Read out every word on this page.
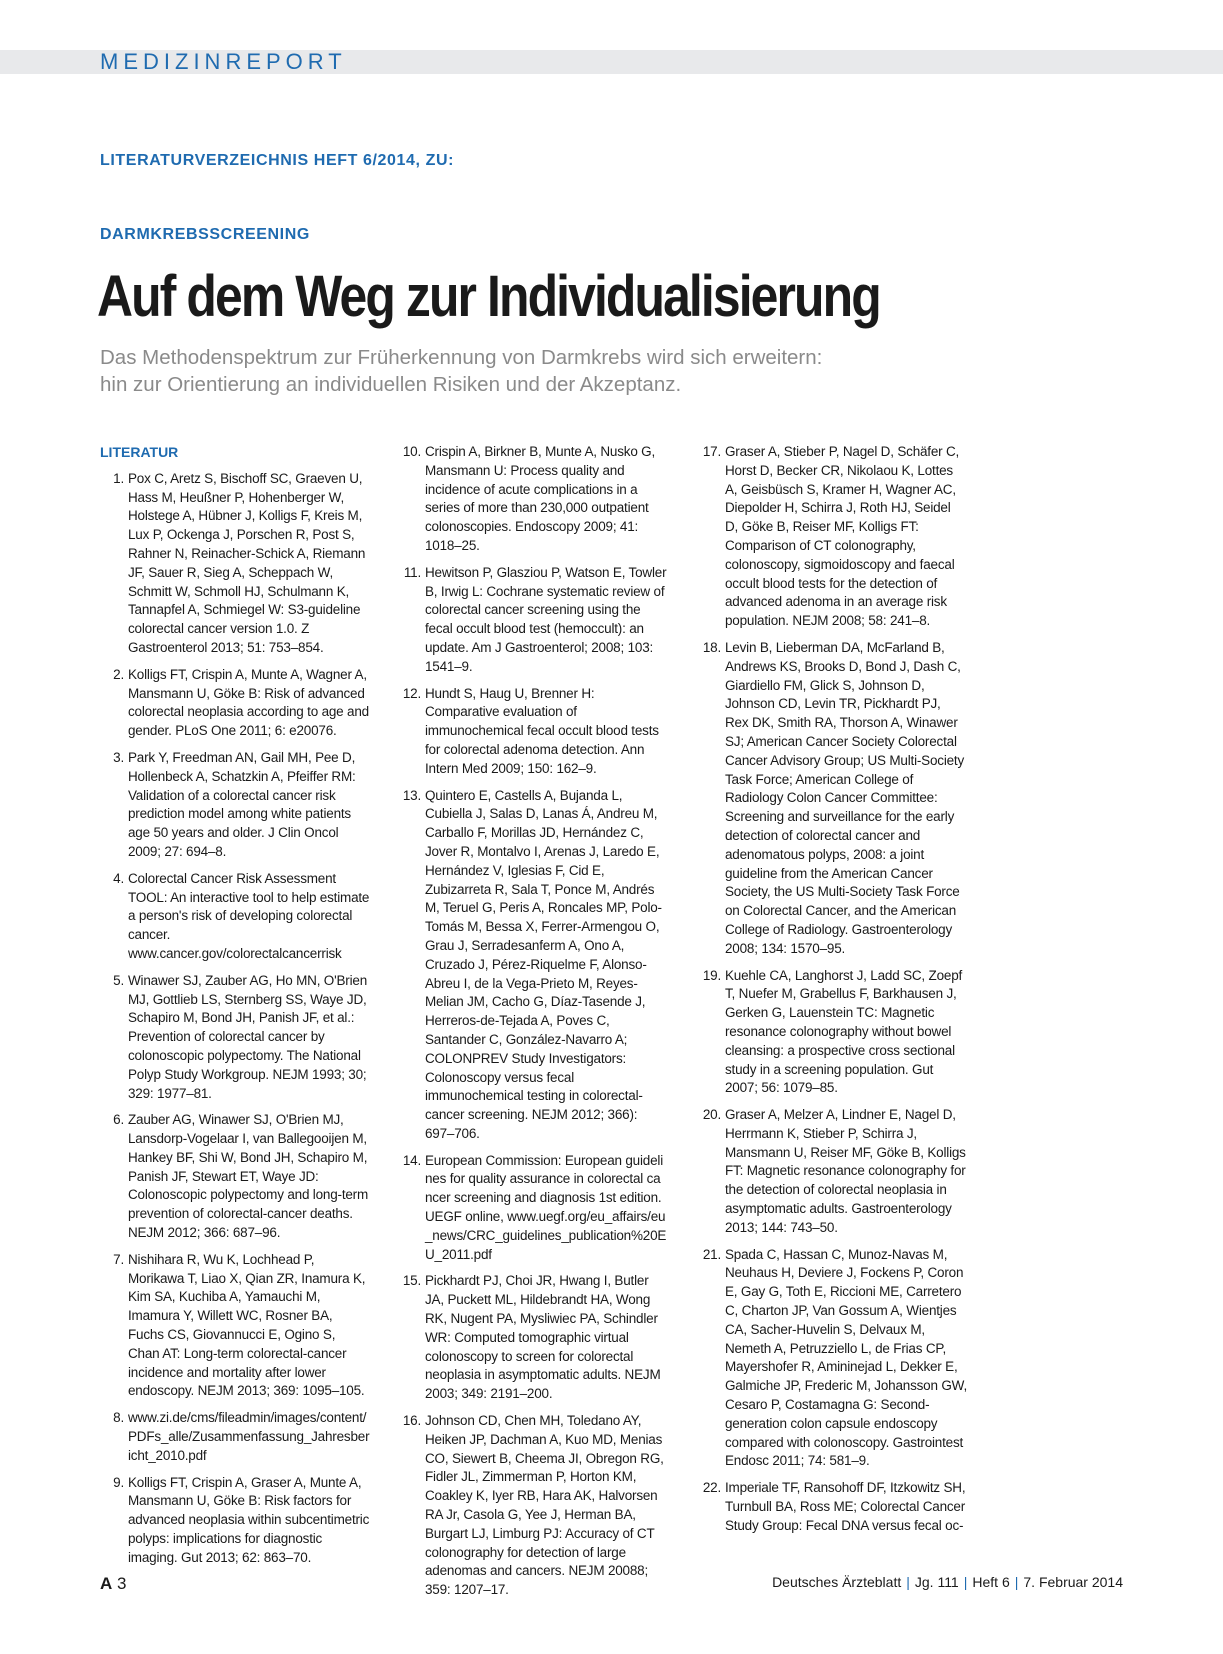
MEDIZINREPORT
LITERATURVERZEICHNIS HEFT 6/2014, ZU:
DARMKREBSSCREENING
Auf dem Weg zur Individualisierung
Das Methodenspektrum zur Früherkennung von Darmkrebs wird sich erweitern:
hin zur Orientierung an individuellen Risiken und der Akzeptanz.
LITERATUR
1. Pox C, Aretz S, Bischoff SC, Graeven U, Hass M, Heußner P, Hohenberger W, Holstege A, Hübner J, Kolligs F, Kreis M, Lux P, Ockenga J, Porschen R, Post S, Rahner N, Reinacher-Schick A, Riemann JF, Sauer R, Sieg A, Scheppach W, Schmitt W, Schmoll HJ, Schulmann K, Tannapfel A, Schmiegel W: S3-guideline colorectal cancer version 1.0. Z Gastroenterol 2013; 51: 753–854.
2. Kolligs FT, Crispin A, Munte A, Wagner A, Mansmann U, Göke B: Risk of advanced colorectal neoplasia according to age and gender. PLoS One 2011; 6: e20076.
3. Park Y, Freedman AN, Gail MH, Pee D, Hollenbeck A, Schatzkin A, Pfeiffer RM: Validation of a colorectal cancer risk prediction model among white patients age 50 years and older. J Clin Oncol 2009; 27: 694–8.
4. Colorectal Cancer Risk Assessment TOOL: An interactive tool to help estimate a person's risk of developing colorectal cancer. www.cancer.gov/colorectalcancerrisk
5. Winawer SJ, Zauber AG, Ho MN, O'Brien MJ, Gottlieb LS, Sternberg SS, Waye JD, Schapiro M, Bond JH, Panish JF, et al.: Prevention of colorectal cancer by colonoscopic polypectomy. The National Polyp Study Workgroup. NEJM 1993; 30; 329: 1977–81.
6. Zauber AG, Winawer SJ, O'Brien MJ, Lansdorp-Vogelaar I, van Ballegooijen M, Hankey BF, Shi W, Bond JH, Schapiro M, Panish JF, Stewart ET, Waye JD: Colonoscopic polypectomy and long-term prevention of colorectal-cancer deaths. NEJM 2012; 366: 687–96.
7. Nishihara R, Wu K, Lochhead P, Morikawa T, Liao X, Qian ZR, Inamura K, Kim SA, Kuchiba A, Yamauchi M, Imamura Y, Willett WC, Rosner BA, Fuchs CS, Giovannucci E, Ogino S, Chan AT: Long-term colorectal-cancer incidence and mortality after lower endoscopy. NEJM 2013; 369: 1095–105.
8. www.zi.de/cms/fileadmin/images/content/PDFs_alle/Zusammenfassung_Jahresbericht_2010.pdf
9. Kolligs FT, Crispin A, Graser A, Munte A, Mansmann U, Göke B: Risk factors for advanced neoplasia within subcentimetric polyps: implications for diagnostic imaging. Gut 2013; 62: 863–70.
10. Crispin A, Birkner B, Munte A, Nusko G, Mansmann U: Process quality and incidence of acute complications in a series of more than 230,000 outpatient colonoscopies. Endoscopy 2009; 41: 1018–25.
11. Hewitson P, Glasziou P, Watson E, Towler B, Irwig L: Cochrane systematic review of colorectal cancer screening using the fecal occult blood test (hemoccult): an update. Am J Gastroenterol; 2008; 103: 1541–9.
12. Hundt S, Haug U, Brenner H: Comparative evaluation of immunochemical fecal occult blood tests for colorectal adenoma detection. Ann Intern Med 2009; 150: 162–9.
13. Quintero E, Castells A, Bujanda L, Cubiella J, Salas D, Lanas Á, Andreu M, Carballo F, Morillas JD, Hernández C, Jover R, Montalvo I, Arenas J, Laredo E, Hernández V, Iglesias F, Cid E, Zubizarreta R, Sala T, Ponce M, Andrés M, Teruel G, Peris A, Roncales MP, Polo-Tomás M, Bessa X, Ferrer-Armengou O, Grau J, Serradesanferm A, Ono A, Cruzado J, Pérez-Riquelme F, Alonso-Abreu I, de la Vega-Prieto M, Reyes-Melian JM, Cacho G, Díaz-Tasende J, Herreros-de-Tejada A, Poves C, Santander C, González-Navarro A; COLONPREV Study Investigators: Colonoscopy versus fecal immunochemical testing in colorectal-cancer screening. NEJM 2012; 366): 697–706.
14. European Commission: European guidelines for quality assurance in colorectal cancer screening and diagnosis 1st edition. UEGF online, www.uegf.org/eu_affairs/eu_news/CRC_guidelines_publication%20EU_2011.pdf
15. Pickhardt PJ, Choi JR, Hwang I, Butler JA, Puckett ML, Hildebrandt HA, Wong RK, Nugent PA, Mysliwiec PA, Schindler WR: Computed tomographic virtual colonoscopy to screen for colorectal neoplasia in asymptomatic adults. NEJM 2003; 349: 2191–200.
16. Johnson CD, Chen MH, Toledano AY, Heiken JP, Dachman A, Kuo MD, Menias CO, Siewert B, Cheema JI, Obregon RG, Fidler JL, Zimmerman P, Horton KM, Coakley K, Iyer RB, Hara AK, Halvorsen RA Jr, Casola G, Yee J, Herman BA, Burgart LJ, Limburg PJ: Accuracy of CT colonography for detection of large adenomas and cancers. NEJM 20088; 359: 1207–17.
17. Graser A, Stieber P, Nagel D, Schäfer C, Horst D, Becker CR, Nikolaou K, Lottes A, Geisbüsch S, Kramer H, Wagner AC, Diepolder H, Schirra J, Roth HJ, Seidel D, Göke B, Reiser MF, Kolligs FT: Comparison of CT colonography, colonoscopy, sigmoidoscopy and faecal occult blood tests for the detection of advanced adenoma in an average risk population. NEJM 2008; 58: 241–8.
18. Levin B, Lieberman DA, McFarland B, Andrews KS, Brooks D, Bond J, Dash C, Giardiello FM, Glick S, Johnson D, Johnson CD, Levin TR, Pickhardt PJ, Rex DK, Smith RA, Thorson A, Winawer SJ; American Cancer Society Colorectal Cancer Advisory Group; US Multi-Society Task Force; American College of Radiology Colon Cancer Committee: Screening and surveillance for the early detection of colorectal cancer and adenomatous polyps, 2008: a joint guideline from the American Cancer Society, the US Multi-Society Task Force on Colorectal Cancer, and the American College of Radiology. Gastroenterology 2008; 134: 1570–95.
19. Kuehle CA, Langhorst J, Ladd SC, Zoepf T, Nuefer M, Grabellus F, Barkhausen J, Gerken G, Lauenstein TC: Magnetic resonance colonography without bowel cleansing: a prospective cross sectional study in a screening population. Gut 2007; 56: 1079–85.
20. Graser A, Melzer A, Lindner E, Nagel D, Herrmann K, Stieber P, Schirra J, Mansmann U, Reiser MF, Göke B, Kolligs FT: Magnetic resonance colonography for the detection of colorectal neoplasia in asymptomatic adults. Gastroenterology 2013; 144: 743–50.
21. Spada C, Hassan C, Munoz-Navas M, Neuhaus H, Deviere J, Fockens P, Coron E, Gay G, Toth E, Riccioni ME, Carretero C, Charton JP, Van Gossum A, Wientjes CA, Sacher-Huvelin S, Delvaux M, Nemeth A, Petruzziello L, de Frias CP, Mayershofer R, Amininejad L, Dekker E, Galmiche JP, Frederic M, Johansson GW, Cesaro P, Costamagna G: Second-generation colon capsule endoscopy compared with colonoscopy. Gastrointest Endosc 2011; 74: 581–9.
22. Imperiale TF, Ransohoff DF, Itzkowitz SH, Turnbull BA, Ross ME; Colorectal Cancer Study Group: Fecal DNA versus fecal oc-
A 3	Deutsches Ärzteblatt | Jg. 111 | Heft 6 | 7. Februar 2014
